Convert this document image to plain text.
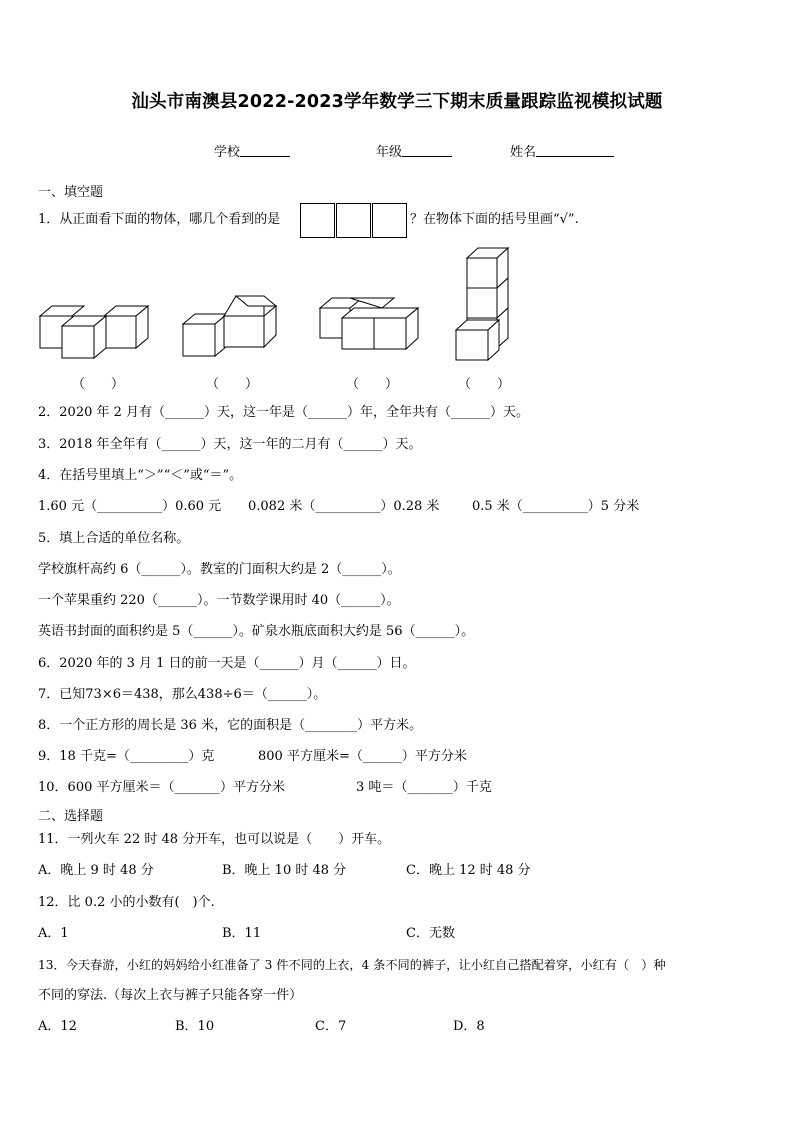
汕头市南澳县2022-2023学年数学三下期末质量跟踪监视模拟试题
学校	年级	姓名
一、填空题
1．从正面看下面的物体，哪几个看到的是	？在物体下面的括号里画“√”.
（　　）	（　　）	（　　）	（　　）
2．2020 年 2 月有（______）天，这一年是（______）年，全年共有（______）天。
3．2018 年全年有（______）天，这一年的二月有（______）天。
4．在括号里填上“＞”“＜”或“＝”。
1.60 元（__________）0.60 元 0.082 米（__________）0.28 米	0.5 米（__________）5 分米
5．填上合适的单位名称。
学校旗杆高约 6（______）。教室的门面积大约是 2（______）。
一个苹果重约 220（______）。一节数学课用时 40（______）。
英语书封面的面积约是 5（______）。矿泉水瓶底面积大约是 56（______）。
6．2020 年的 3 月 1 日的前一天是（______）月（______）日。
7．已知73×6＝438，那么438÷6＝（______）。
8．一个正方形的周长是 36 米，它的面积是（________）平方米。
9．18 千克=（_________）克	800 平方厘米=（______）平方分米
10．600 平方厘米＝（_______）平方分米	3 吨＝（_______）千克
二、选择题
11．一列火车 22 时 48 分开车，也可以说是（　　）开车。
A．晚上 9 时 48 分	B．晚上 10 时 48 分	C．晚上 12 时 48 分
12．比 0.2 小的小数有(　)个.
A．1	B．11	C．无数
13．今天春游，小红的妈妈给小红准备了 3 件不同的上衣，4 条不同的裤子，让小红自己搭配着穿，小红有（　）种
不同的穿法.（每次上衣与裤子只能各穿一件）
A．12	B．10	C．7	D．8
